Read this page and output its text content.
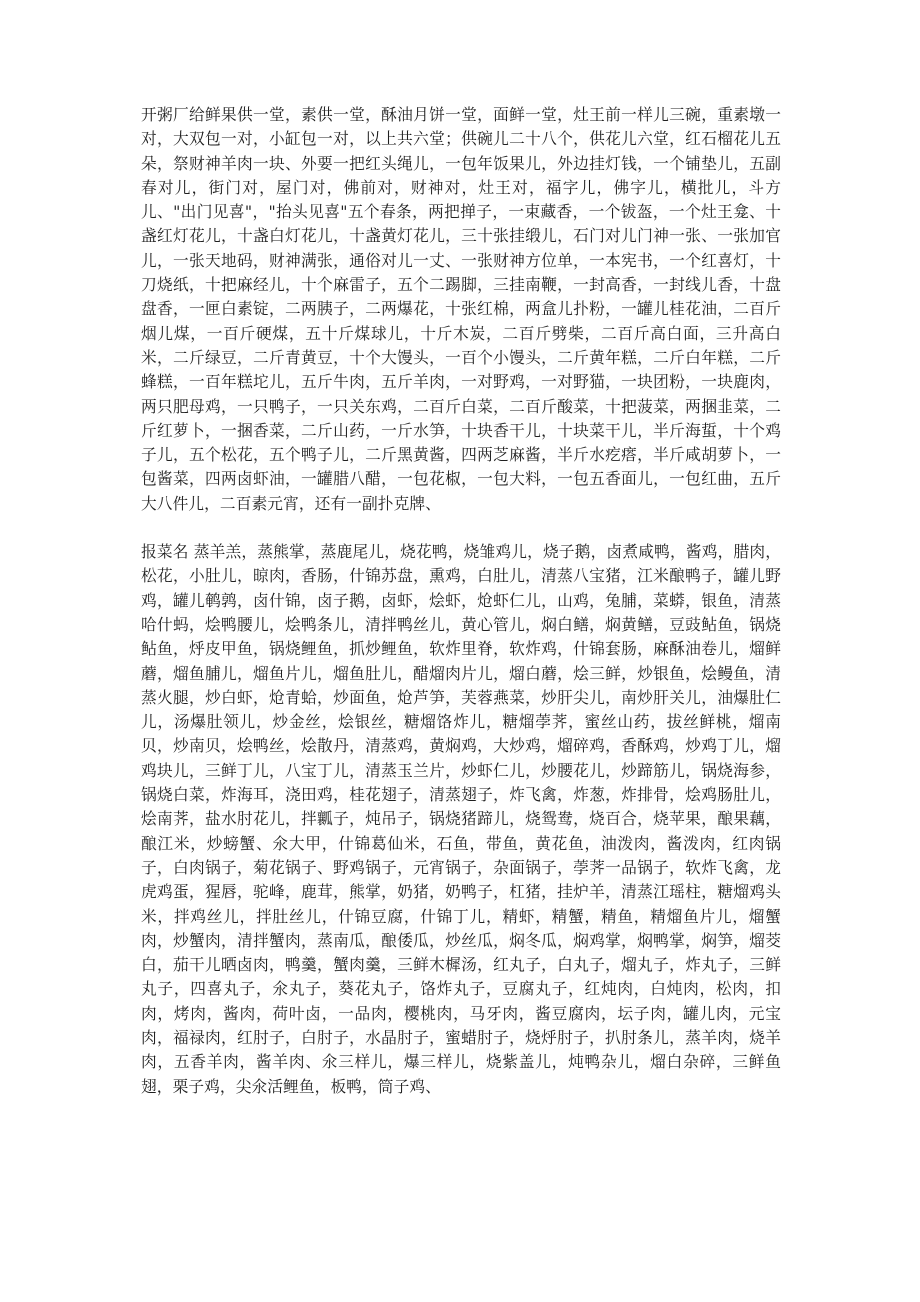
开粥厂给鲜果供一堂，素供一堂，酥油月饼一堂，面鲜一堂，灶王前一样儿三碗，重素墩一对，大双包一对，小缸包一对，以上共六堂；供碗儿二十八个，供花儿六堂，红石榴花儿五朵，祭财神羊肉一块、外要一把红头绳儿，一包年饭果儿，外边挂灯钱，一个铺垫儿，五副春对儿，街门对，屋门对，佛前对，财神对，灶王对，福字儿，佛字儿，横批儿，斗方儿、"出门见喜"，"抬头见喜"五个春条，两把掸子，一束藏香，一个钹盔，一个灶王龛、十盏红灯花儿，十盏白灯花儿，十盏黄灯花儿，三十张挂缎儿，石门对儿门神一张、一张加官儿，一张天地码，财神满张，通俗对儿一丈、一张财神方位单，一本宪书，一个红喜灯，十刀烧纸，十把麻经儿，十个麻雷子，五个二踢脚，三挂南鞭，一封高香，一封线儿香，十盘盘香，一匣白素锭，二两胰子，二两爆花，十张红棉，两盒儿扑粉，一罐儿桂花油，二百斤烟儿煤，一百斤硬煤，五十斤煤球儿，十斤木炭，二百斤劈柴，二百斤高白面，三升高白米，二斤绿豆，二斤青黄豆，十个大馒头，一百个小馒头，二斤黄年糕，二斤白年糕，二斤蜂糕，一百年糕坨儿，五斤牛肉，五斤羊肉，一对野鸡，一对野猫，一块团粉，一块鹿肉，两只肥母鸡，一只鸭子，一只关东鸡，二百斤白菜，二百斤酸菜，十把菠菜，两捆韭菜，二斤红萝卜，一捆香菜，二斤山药，一斤水笋，十块香干儿，十块菜干儿，半斤海蜇，十个鸡子儿，五个松花，五个鸭子儿，二斤黑黄酱，四两芝麻酱，半斤水疙瘩，半斤咸胡萝卜，一包酱菜，四两卤虾油，一罐腊八醋，一包花椒，一包大料，一包五香面儿，一包红曲，五斤大八件儿，二百素元宵，还有一副扑克牌、

报菜名 蒸羊羔，蒸熊掌，蒸鹿尾儿，烧花鸭，烧雏鸡儿，烧子鹅，卤煮咸鸭，酱鸡，腊肉，松花，小肚儿，晾肉，香肠，什锦苏盘，熏鸡，白肚儿，清蒸八宝猪，江米酿鸭子，罐儿野鸡，罐儿鹌鹑，卤什锦，卤子鹅，卤虾，烩虾，炝虾仁儿，山鸡，兔脯，菜蟒，银鱼，清蒸哈什蚂，烩鸭腰儿，烩鸭条儿，清拌鸭丝儿，黄心管儿，焖白鳝，焖黄鳝，豆豉鲇鱼，锅烧鲇鱼，烀皮甲鱼，锅烧鲤鱼，抓炒鲤鱼，软炸里脊，软炸鸡，什锦套肠，麻酥油卷儿，熘鲜蘑，熘鱼脯儿，熘鱼片儿，熘鱼肚儿，醋熘肉片儿，熘白蘑，烩三鲜，炒银鱼，烩鳗鱼，清蒸火腿，炒白虾，炝青蛤，炒面鱼，炝芦笋，芙蓉燕菜，炒肝尖儿，南炒肝关儿，油爆肚仁儿，汤爆肚领儿，炒金丝，烩银丝，糖熘饹炸儿，糖熘荸荠，蜜丝山药，拔丝鲜桃，熘南贝，炒南贝，烩鸭丝，烩散丹，清蒸鸡，黄焖鸡，大炒鸡，熘碎鸡，香酥鸡，炒鸡丁儿，熘鸡块儿，三鲜丁儿，八宝丁儿，清蒸玉兰片，炒虾仁儿，炒腰花儿，炒蹄筋儿，锅烧海参，锅烧白菜，炸海耳，浇田鸡，桂花翅子，清蒸翅子，炸飞禽，炸葱，炸排骨，烩鸡肠肚儿，烩南荠，盐水肘花儿，拌瓤子，炖吊子，锅烧猪蹄儿，烧鸳鸯，烧百合，烧苹果，酿果藕，酿江米，炒螃蟹、氽大甲，什锦葛仙米，石鱼，带鱼，黄花鱼，油泼肉，酱泼肉，红肉锅子，白肉锅子，菊花锅子、野鸡锅子，元宵锅子，杂面锅子，荸荠一品锅子，软炸飞禽，龙虎鸡蛋，猩唇，驼峰，鹿茸，熊掌，奶猪，奶鸭子，杠猪，挂炉羊，清蒸江瑶柱，糖熘鸡头米，拌鸡丝儿，拌肚丝儿，什锦豆腐，什锦丁儿，精虾，精蟹，精鱼，精熘鱼片儿，熘蟹肉，炒蟹肉，清拌蟹肉，蒸南瓜，酿倭瓜，炒丝瓜，焖冬瓜，焖鸡掌，焖鸭掌，焖笋，熘茭白，茄干儿晒卤肉，鸭羹，蟹肉羹，三鲜木樨汤，红丸子，白丸子，熘丸子，炸丸子，三鲜丸子，四喜丸子，氽丸子，葵花丸子，饹炸丸子，豆腐丸子，红炖肉，白炖肉，松肉，扣肉，烤肉，酱肉，荷叶卤，一品肉，樱桃肉，马牙肉，酱豆腐肉，坛子肉，罐儿肉，元宝肉，福禄肉，红肘子，白肘子，水晶肘子，蜜蜡肘子，烧烀肘子，扒肘条儿，蒸羊肉，烧羊肉，五香羊肉，酱羊肉、氽三样儿，爆三样儿，烧紫盖儿，炖鸭杂儿，熘白杂碎，三鲜鱼翅，栗子鸡，尖氽活鲤鱼，板鸭，筒子鸡、
